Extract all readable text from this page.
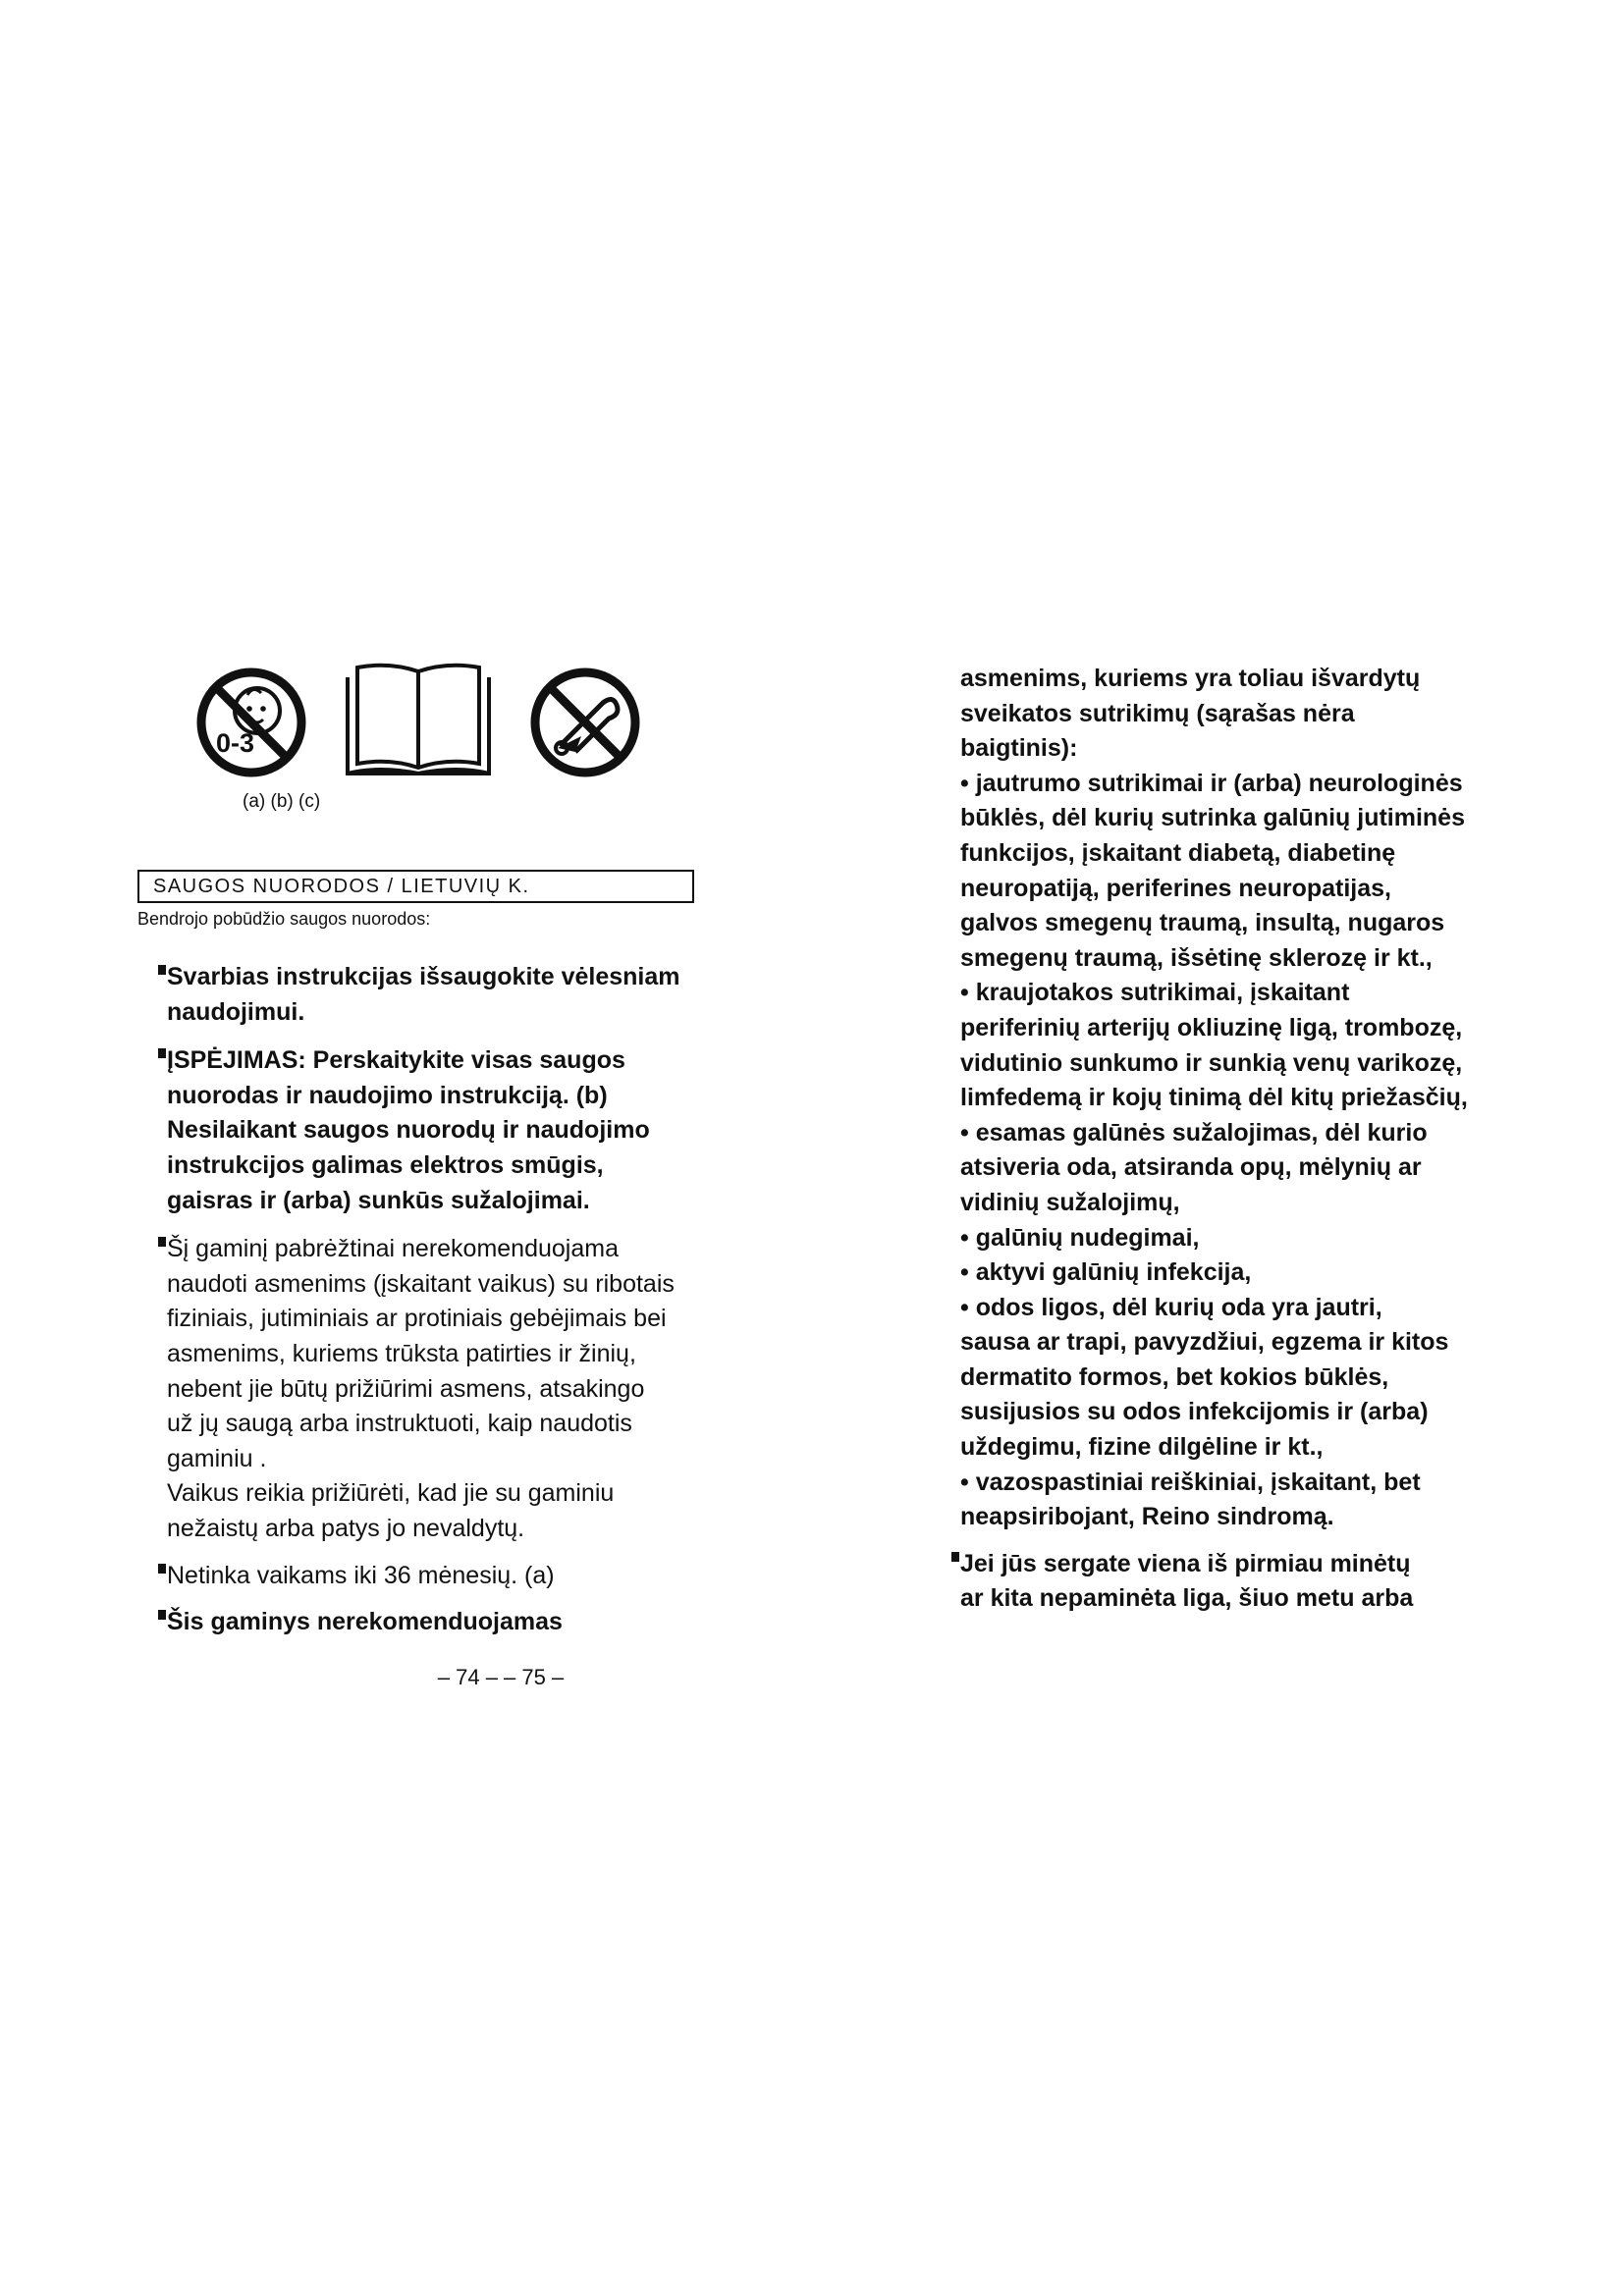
0-3
(a) (b) (c)
SAUGOS NUORODOS / LIETUVIŲ K.
Bendrojo pobūdžio saugos nuorodos:

Svarbias instrukcijas išsaugokite vėlesniam
naudojimui.

ĮSPĖJIMAS: Perskaitykite visas saugos
nuorodas ir naudojimo instrukciją. (b)
Nesilaikant saugos nuorodų ir naudojimo
instrukcijos galimas elektros smūgis,
gaisras ir (arba) sunkūs sužalojimai.

Šį gaminį pabrėžtinai nerekomenduojama
naudoti asmenims (įskaitant vaikus) su ribotais
fiziniais, jutiminiais ar protiniais gebėjimais bei
asmenims, kuriems trūksta patirties ir žinių,
nebent jie būtų prižiūrimi asmens, atsakingo
už jų saugą arba instruktuoti, kaip naudotis
gaminiu .
Vaikus reikia prižiūrėti, kad jie su gaminiu
nežaistų arba patys jo nevaldytų.

Netinka vaikams iki 36 mėnesių. (a)

Šis gaminys nerekomenduojamas

asmenims, kuriems yra toliau išvardytų
sveikatos sutrikimų (sąrašas nėra
baigtinis):
• jautrumo sutrikimai ir (arba) neurologinės
būklės, dėl kurių sutrinka galūnių jutiminės
funkcijos, įskaitant diabetą, diabetinę
neuropatiją, periferines neuropatijas,
galvos smegenų traumą, insultą, nugaros
smegenų traumą, išsėtinę sklerozę ir kt.,
• kraujotakos sutrikimai, įskaitant
periferinių arterijų okliuzinę ligą, trombozę,
vidutinio sunkumo ir sunkią venų varikozę,
limfedemą ir kojų tinimą dėl kitų priežasčių,
• esamas galūnės sužalojimas, dėl kurio
atsiveria oda, atsiranda opų, mėlynių ar
vidinių sužalojimų,
• galūnių nudegimai,
• aktyvi galūnių infekcija,
• odos ligos, dėl kurių oda yra jautri,
sausa ar trapi, pavyzdžiui, egzema ir kitos
dermatito formos, bet kokios būklės,
susijusios su odos infekcijomis ir (arba)
uždegimu, fizine dilgėline ir kt.,
• vazospastiniai reiškiniai, įskaitant, bet
neapsiribojant, Reino sindromą.

Jei jūs sergate viena iš pirmiau minėtų
ar kita nepaminėta liga, šiuo metu arba

– 74 – – 75 –
